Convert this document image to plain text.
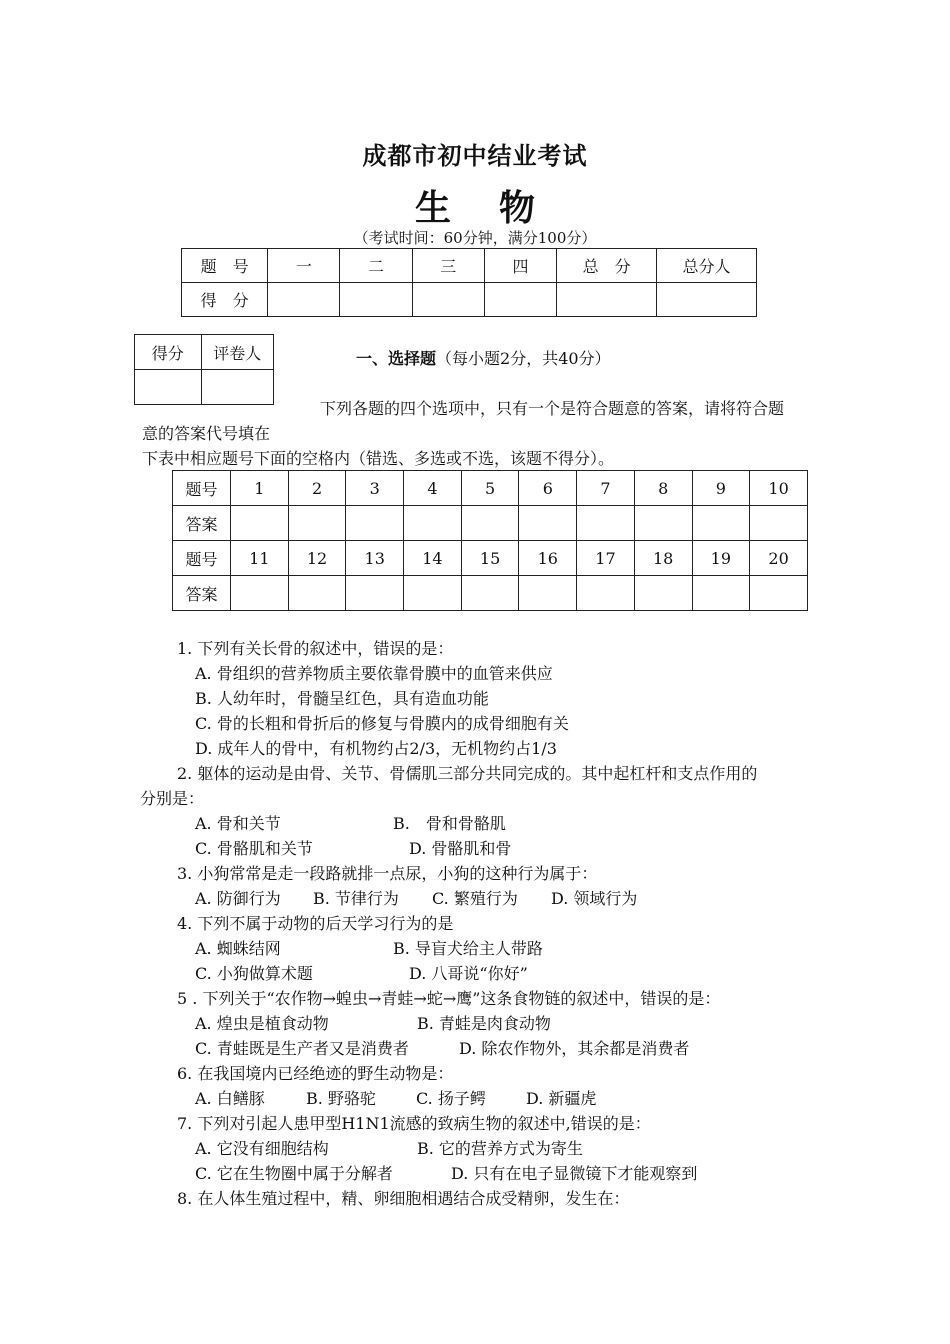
成都市初中结业考试
生物
（考试时间：60分钟，满分100分）
题　号	一	二	三	四	总　分	总分人
得　分						
得分	评卷人
		一、选择题（每小题2分，共40分）
下列各题的四个选项中，只有一个是符合题意的答案，请将符合题
意的答案代号填在
下表中相应题号下面的空格内（错选、多选或不选，该题不得分）。
题号	1	2	3	4	5	6	7	8	9	10
答案										
题号	11	12	13	14	15	16	17	18	19	20
答案										
1. 下列有关长骨的叙述中，错误的是：
A. 骨组织的营养物质主要依靠骨膜中的血管来供应
B. 人幼年时，骨髓呈红色，具有造血功能
C. 骨的长粗和骨折后的修复与骨膜内的成骨细胞有关
D. 成年人的骨中，有机物约占2/3，无机物约占1/3
2. 躯体的运动是由骨、关节、骨儒肌三部分共同完成的。其中起杠杆和支点作用的
分别是：
A. 骨和关节	B.　骨和骨骼肌
C. 骨骼肌和关节	D. 骨骼肌和骨
3. 小狗常常是走一段路就排一点尿，小狗的这种行为属于：
A. 防御行为	B. 节律行为	C. 繁殖行为	D. 领域行为
4. 下列不属于动物的后天学习行为的是
A. 蜘蛛结网	B. 导盲犬给主人带路
C. 小狗做算术题	D. 八哥说“你好”
5 . 下列关于“农作物→蝗虫→青蛙→蛇→鹰”这条食物链的叙述中，错误的是：
A. 煌虫是植食动物	B. 青蛙是肉食动物
C. 青蛙既是生产者又是消费者	D. 除农作物外，其余都是消费者
6. 在我国境内已经绝迹的野生动物是：
A. 白鳝豚	B. 野骆驼	C. 扬子鳄	D. 新疆虎
7. 下列对引起人患甲型H1N1流感的致病生物的叙述中,错误的是：
A. 它没有细胞结构	B. 它的营养方式为寄生
C. 它在生物圈中属于分解者	D. 只有在电子显微镜下才能观察到
8. 在人体生殖过程中，精、卵细胞相遇结合成受精卵，发生在：
